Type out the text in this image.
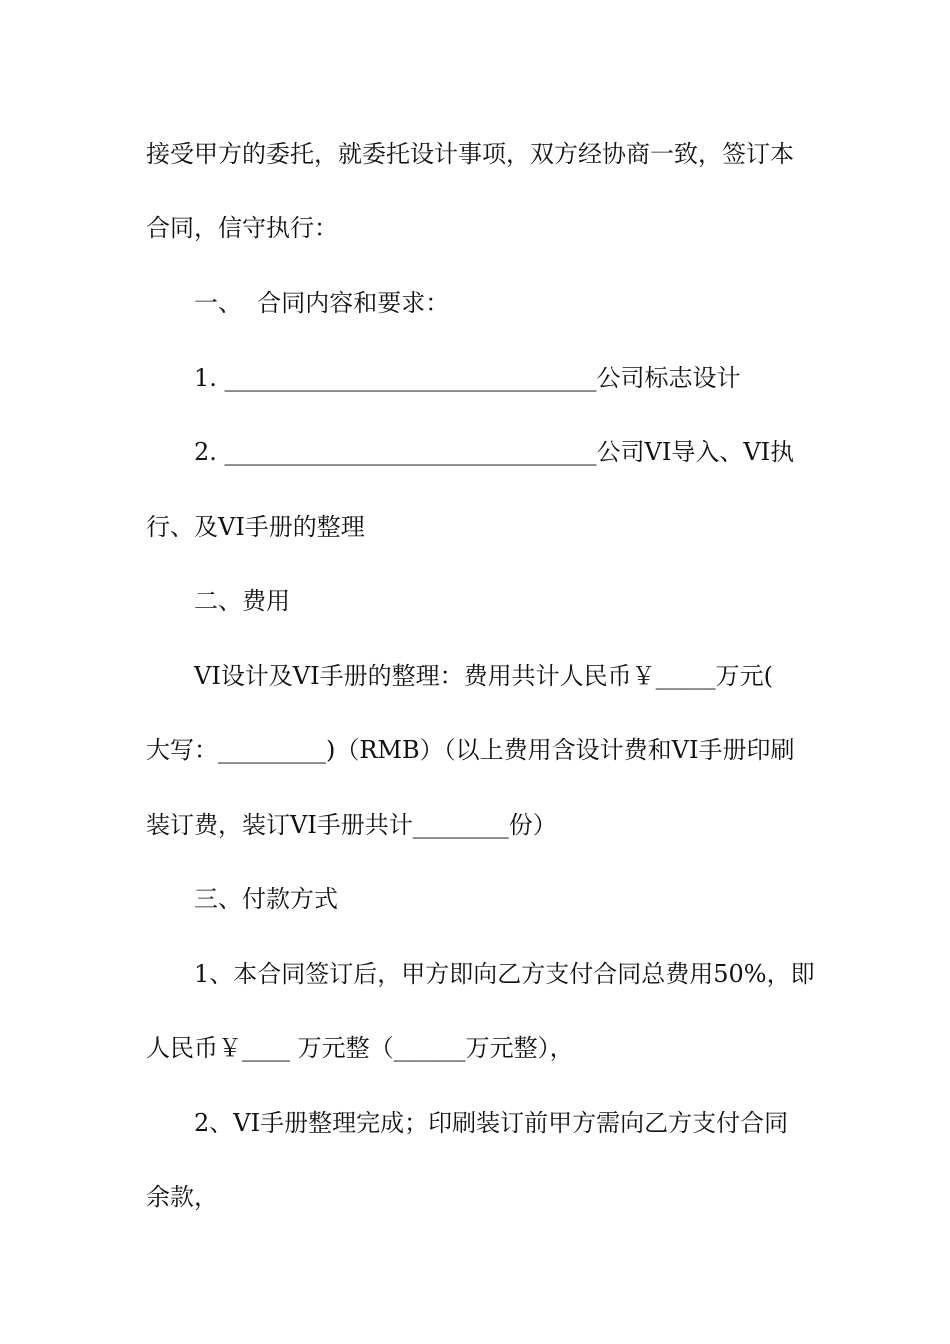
接受甲方的委托，就委托设计事项，双方经协商一致，签订本
合同，信守执行：
一、  合同内容和要求：
1. _______________________________公司标志设计
2. _______________________________公司VI导入、VI执
行、及VI手册的整理
二、费用
VI设计及VI手册的整理：费用共计人民币￥_____万元(
大写：_________)（RMB）（以上费用含设计费和VI手册印刷
装订费，装订VI手册共计________份）
三、付款方式
1、本合同签订后，甲方即向乙方支付合同总费用50%，即
人民币￥____ 万元整（______万元整），
2、VI手册整理完成；印刷装订前甲方需向乙方支付合同
余款，
